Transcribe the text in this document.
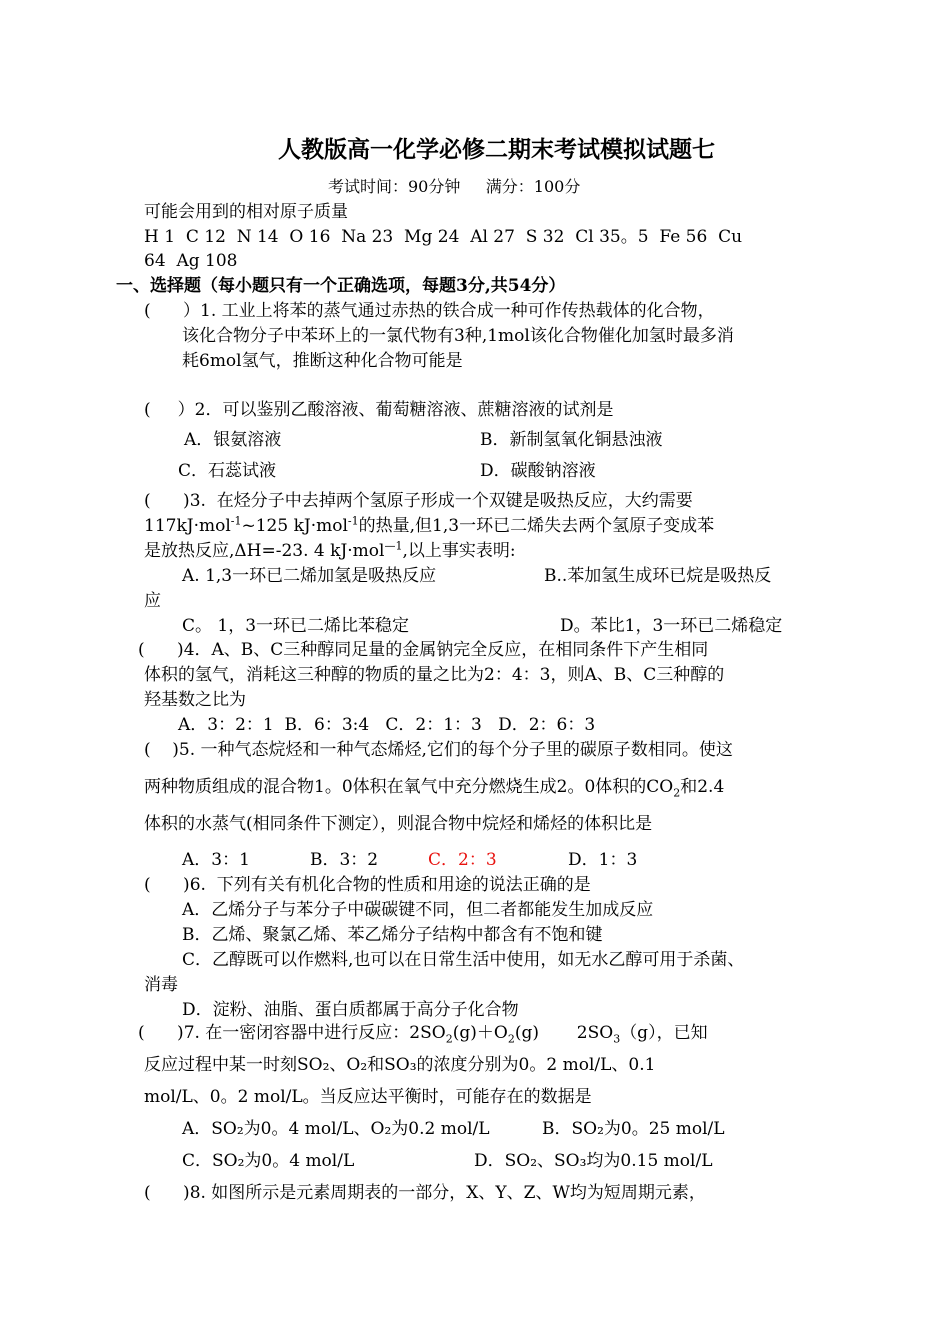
人教版高一化学必修二期末考试模拟试题七
考试时间：90分钟     满分：100分
可能会用到的相对原子质量
H 1  C 12  N 14  O 16  Na 23  Mg 24  Al 27  S 32  Cl 35。5  Fe 56  Cu
64  Ag 108
一、选择题（每小题只有一个正确选项，每题3分,共54分）
(      ）1. 工业上将苯的蒸气通过赤热的铁合成一种可作传热载体的化合物，
该化合物分子中苯环上的一氯代物有3种,1mol该化合物催化加氢时最多消
耗6mol氢气，推断这种化合物可能是
(     ）2．可以鉴别乙酸溶液、葡萄糖溶液、蔗糖溶液的试剂是
A．银氨溶液	B．新制氢氧化铜悬浊液
C．石蕊试液	D．碳酸钠溶液
(      )3.  在烃分子中去掉两个氢原子形成一个双键是吸热反应，大约需要
117kJ·mol$^{-1}$~125 kJ·mol$^{-1}$的热量,但1,3一环已二烯失去两个氢原子变成苯
是放热反应,ΔH=-23. 4 kJ·mol$^{—1}$,以上事实表明:
A. 1,3一环已二烯加氢是吸热反应	B..苯加氢生成环已烷是吸热反
应
C。 1，3一环已二烯比苯稳定	D。苯比1，3一环已二烯稳定
(      )4．A、B、C三种醇同足量的金属钠完全反应，在相同条件下产生相同
体积的氢气，消耗这三种醇的物质的量之比为2：4：3，则A、B、C三种醇的
羟基数之比为
A．3：2：1  B．6：3:4   C．2：1：3   D．2：6：3
(    )5. 一种气态烷烃和一种气态烯烃,它们的每个分子里的碳原子数相同。使这
两种物质组成的混合物1。0体积在氧气中充分燃烧生成2。0体积的$CO_2$和2.4
体积的水蒸气(相同条件下测定），则混合物中烷烃和烯烃的体积比是
A．3：1	B．3：2	C．2：3	D．1：3
(      )6.  下列有关有机化合物的性质和用途的说法正确的是
A．乙烯分子与苯分子中碳碳键不同，但二者都能发生加成反应
B．乙烯、聚氯乙烯、苯乙烯分子结构中都含有不饱和键
C．乙醇既可以作燃料,也可以在日常生活中使用，如无水乙醇可用于杀菌、
消毒
D．淀粉、油脂、蛋白质都属于高分子化合物
(      )7. 在一密闭容器中进行反应：$2SO_2(g)+O_2(g)$       $2SO_3(g)$，已知
反应过程中某一时刻SO₂、O₂和SO₃的浓度分别为0。2 mol/L、0.1
mol/L、0。2 mol/L。当反应达平衡时，可能存在的数据是
A．SO₂为0。4 mol/L、O₂为0.2 mol/L	B．SO₂为0。25 mol/L
C．SO₂为0。4 mol/L	D．SO₂、SO₃均为0.15 mol/L
(      )8. 如图所示是元素周期表的一部分，X、Y、Z、W均为短周期元素，
